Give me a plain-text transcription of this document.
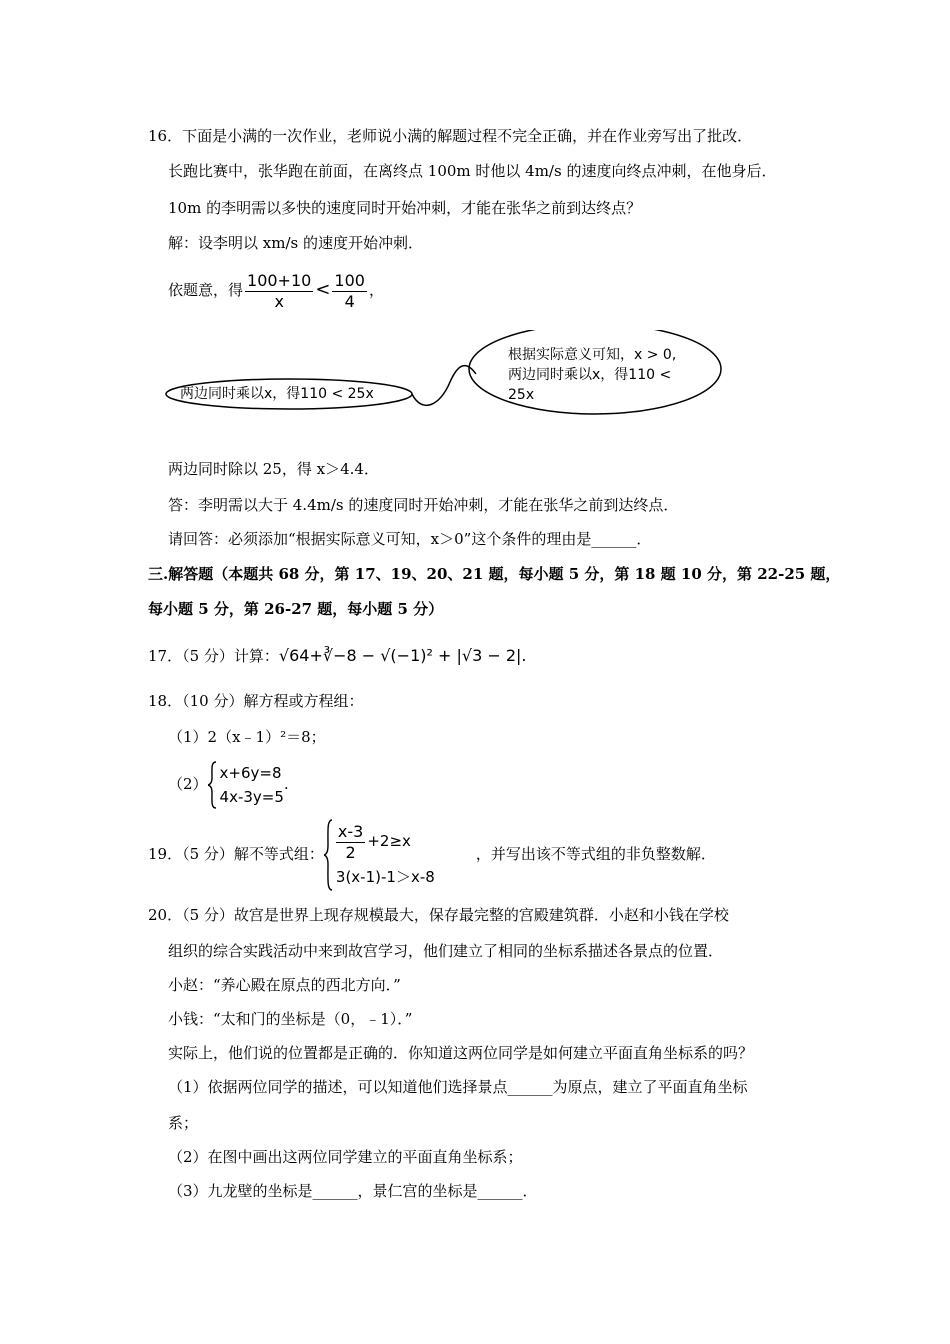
16．下面是小满的一次作业，老师说小满的解题过程不完全正确，并在作业旁写出了批改．
长跑比赛中，张华跑在前面，在离终点 100m 时他以 4m/s 的速度向终点冲刺，在他身后．
10m 的李明需以多快的速度同时开始冲刺，才能在张华之前到达终点？
解：设李明以 xm/s 的速度开始冲刺．
依题意，得 $\frac{100+10}{x} < \frac{100}{4}$ ，
两边同时乘以x，得110 < 25x
根据实际意义可知，x > 0,
两边同时乘以x，得110 <
25x
两边同时除以 25，得 x＞4.4．
答：李明需以大于 4.4m/s 的速度同时开始冲刺，才能在张华之前到达终点．
请回答：必须添加“根据实际意义可知，x＞0”这个条件的理由是______．
三.解答题（本题共 68 分，第 17、19、20、21 题，每小题 5 分，第 18 题 10 分，第 22-25 题，
每小题 5 分，第 26-27 题，每小题 5 分）
17．（5 分）计算：√64+∛−8 − √(−1)² + |√3 − 2|.
18．（10 分）解方程或方程组：
（1）2（x﹣1）²＝8；
（2）
x+6y=8
4x-3y=5
.
19．（5 分）解不等式组： $\frac{x-3}{2} +2\ge x$
3(x-1)-1＞x-8
，并写出该不等式组的非负整数解．
20．（5 分）故宫是世界上现存规模最大，保存最完整的宫殿建筑群．小赵和小钱在学校
组织的综合实践活动中来到故宫学习，他们建立了相同的坐标系描述各景点的位置．
小赵：“养心殿在原点的西北方向．”
小钱：“太和门的坐标是（0，﹣1）．”
实际上，他们说的位置都是正确的．你知道这两位同学是如何建立平面直角坐标系的吗？
（1）依据两位同学的描述，可以知道他们选择景点______为原点，建立了平面直角坐标
系；
（2）在图中画出这两位同学建立的平面直角坐标系；
（3）九龙壁的坐标是______，景仁宫的坐标是______．
